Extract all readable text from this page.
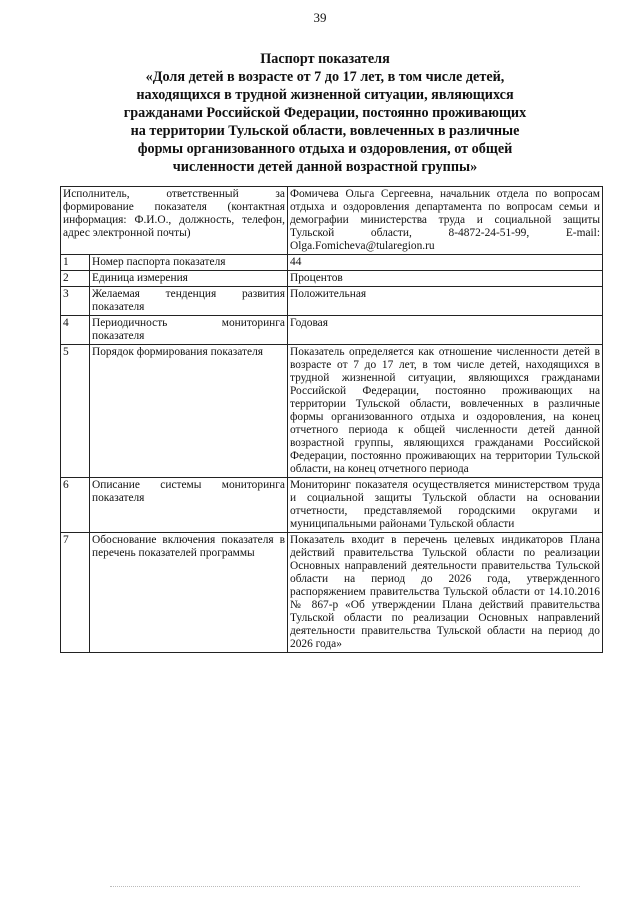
39
Паспорт показателя
«Доля детей в возрасте от 7 до 17 лет, в том числе детей,
находящихся в трудной жизненной ситуации, являющихся
гражданами Российской Федерации, постоянно проживающих
на территории Тульской области, вовлеченных в различные
формы организованного отдыха и оздоровления, от общей
численности детей данной возрастной группы»
Исполнитель, ответственный за формирование показателя (контактная информация: Ф.И.О., должность, телефон, адрес электронной почты)		Фомичева Ольга Сергеевна, начальник отдела по вопросам отдыха и оздоровления департамента по вопросам семьи и демографии министерства труда и социальной защиты Тульской области, 8-4872-24-51-99, E-mail: Olga.Fomicheva@tularegion.ru
1	Номер паспорта показателя	44
2	Единица измерения	Процентов
3	Желаемая тенденция развития показателя	Положительная
4	Периодичность мониторинга показателя	Годовая
5	Порядок формирования показателя	Показатель определяется как отношение численности детей в возрасте от 7 до 17 лет, в том числе детей, находящихся в трудной жизненной ситуации, являющихся гражданами Российской Федерации, постоянно проживающих на территории Тульской области, вовлеченных в различные формы организованного отдыха и оздоровления, на конец отчетного периода к общей численности детей данной возрастной группы, являющихся гражданами Российской Федерации, постоянно проживающих на территории Тульской области, на конец отчетного периода
6	Описание системы мониторинга показателя	Мониторинг показателя осуществляется министерством труда и социальной защиты Тульской области на основании отчетности, представляемой городскими округами и муниципальными районами Тульской области
7	Обоснование включения показателя в перечень показателей программы	Показатель входит в перечень целевых индикаторов Плана действий правительства Тульской области по реализации Основных направлений деятельности правительства Тульской области на период до 2026 года, утвержденного распоряжением правительства Тульской области от 14.10.2016 № 867-р «Об утверждении Плана действий правительства Тульской области по реализации Основных направлений деятельности правительства Тульской области на период до 2026 года»
